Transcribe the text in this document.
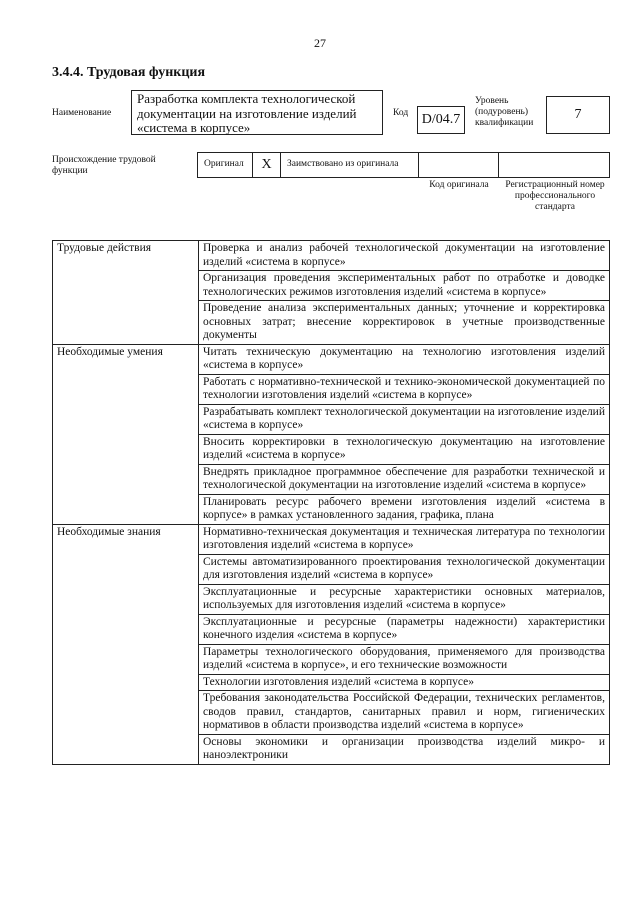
27
3.4.4. Трудовая функция
Наименование
Разработка комплекта технологической документации на изготовление изделий «система в корпусе»
Код D/04.7
Уровень (подуровень) квалификации
7
Происхождение трудовой функции
Оригинал	X	Заимствовано из оригинала
Код оригинала	Регистрационный номер профессионального стандарта
Трудовые действия	Проверка и анализ рабочей технологической документации на изготовление изделий «система в корпусе»
	Организация проведения экспериментальных работ по отработке и доводке технологических режимов изготовления изделий «система в корпусе»
	Проведение анализа экспериментальных данных; уточнение и корректировка основных затрат; внесение корректировок в учетные производственные документы
Необходимые умения	Читать техническую документацию на технологию изготовления изделий «система в корпусе»
	Работать с нормативно-технической и технико-экономической документацией по технологии изготовления изделий «система в корпусе»
	Разрабатывать комплект технологической документации на изготовление изделий «система в корпусе»
	Вносить корректировки в технологическую документацию на изготовление изделий «система в корпусе»
	Внедрять прикладное программное обеспечение для разработки технической и технологической документации на изготовление изделий «система в корпусе»
	Планировать ресурс рабочего времени изготовления изделий «система в корпусе» в рамках установленного задания, графика, плана
Необходимые знания	Нормативно-техническая документация и техническая литература по технологии изготовления изделий «система в корпусе»
	Системы автоматизированного проектирования технологической документации для изготовления изделий «система в корпусе»
	Эксплуатационные и ресурсные характеристики основных материалов, используемых для изготовления изделий «система в корпусе»
	Эксплуатационные и ресурсные (параметры надежности) характеристики конечного изделия «система в корпусе»
	Параметры технологического оборудования, применяемого для производства изделий «система в корпусе», и его технические возможности
	Технологии изготовления изделий «система в корпусе»
	Требования законодательства Российской Федерации, технических регламентов, сводов правил, стандартов, санитарных правил и норм, гигиенических нормативов в области производства изделий «система в корпусе»
	Основы экономики и организации производства изделий микро- и наноэлектроники
